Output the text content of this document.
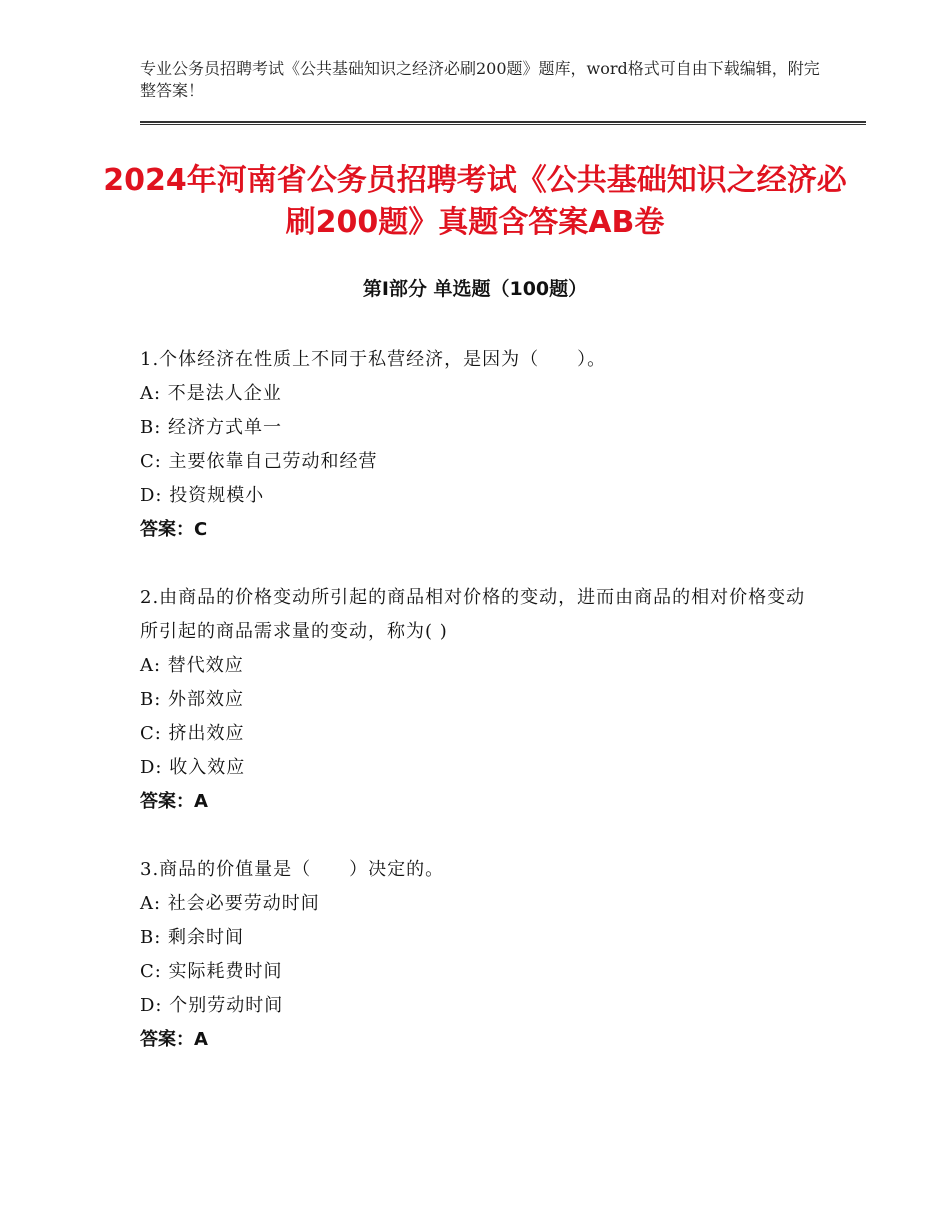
专业公务员招聘考试《公共基础知识之经济必刷200题》题库，word格式可自由下载编辑，附完整答案！
2024年河南省公务员招聘考试《公共基础知识之经济必刷200题》真题含答案AB卷
第Ⅰ部分 单选题（100题）

1.个体经济在性质上不同于私营经济，是因为（　　）。

A: 不是法人企业

B: 经济方式单一

C: 主要依靠自己劳动和经营

D: 投资规模小

答案：C

2.由商品的价格变动所引起的商品相对价格的变动，进而由商品的相对价格变动所引起的商品需求量的变动，称为( )

A: 替代效应

B: 外部效应

C: 挤出效应

D: 收入效应

答案：A

3.商品的价值量是（　　）决定的。

A: 社会必要劳动时间

B: 剩余时间

C: 实际耗费时间

D: 个别劳动时间

答案：A
